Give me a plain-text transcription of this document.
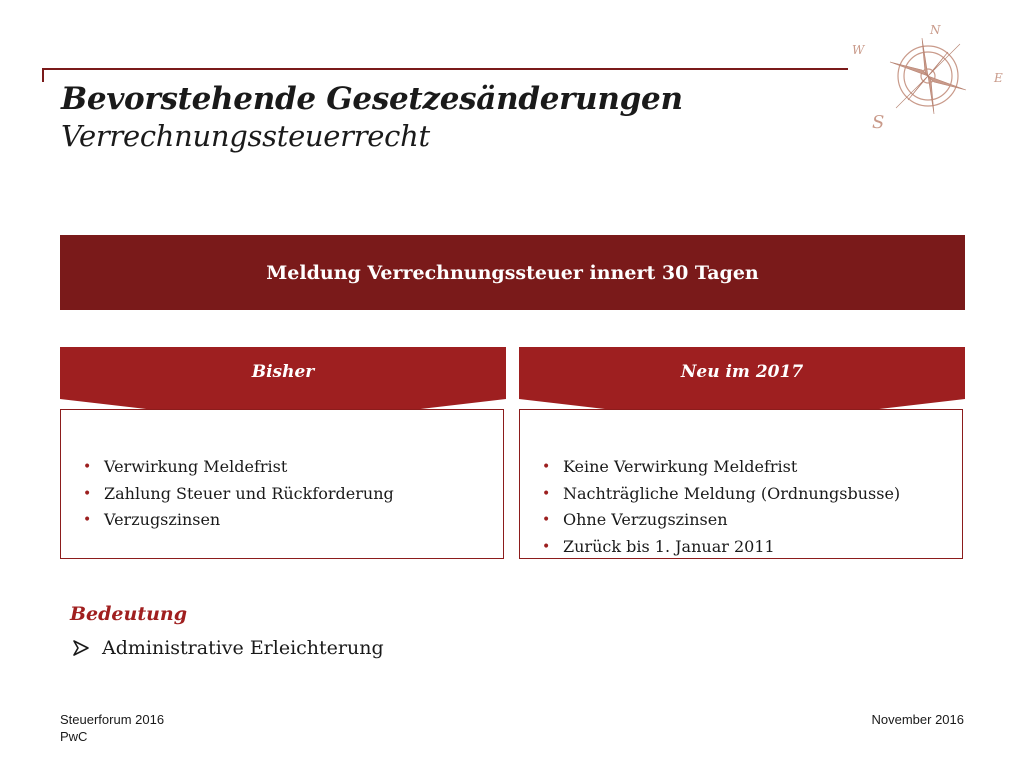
Bevorstehende Gesetzesänderungen
Verrechnungssteuerrecht
N
E
S
W
Meldung Verrechnungssteuer innert 30 Tagen
Bisher
• Verwirkung Meldefrist
• Zahlung Steuer und Rückforderung
• Verzugszinsen
Neu im 2017
• Keine Verwirkung Meldefrist
• Nachträgliche Meldung (Ordnungsbusse)
• Ohne Verzugszinsen
• Zurück bis 1. Januar 2011
Bedeutung
Administrative Erleichterung
Steuerforum 2016
PwC
November 2016
